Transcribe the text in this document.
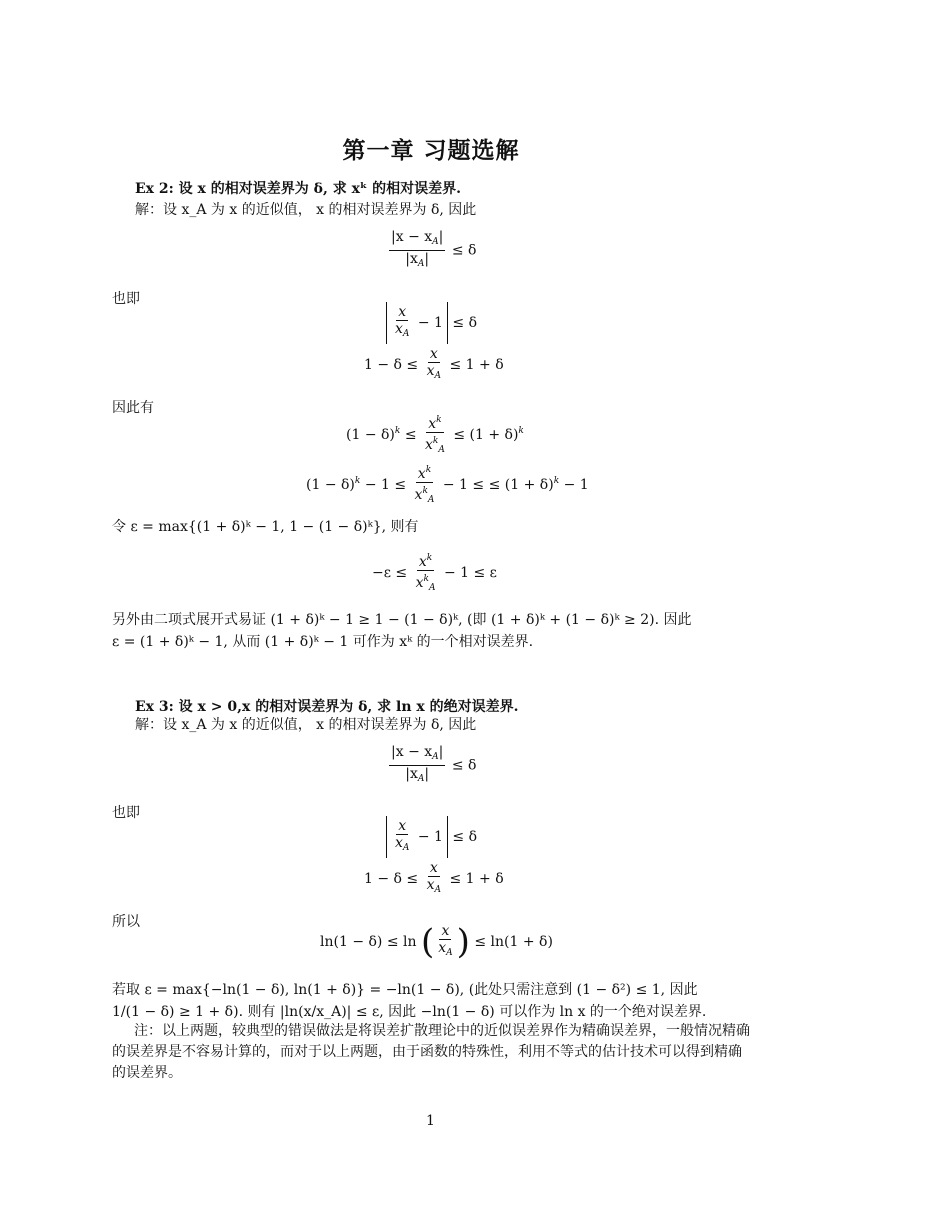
第一章 习题选解
Ex 2: 设 x 的相对误差界为 δ, 求 xᵏ 的相对误差界.
解：设 x_A 为 x 的近似值， x 的相对误差界为 δ, 因此
$\frac{|x - x_A|}{|x_A|} \le \delta$
也即
$\frac{x}{x_A} - 1 \le \delta$
$1 - \delta \le \frac{x}{x_A} \le 1 + \delta$
因此有
$(1 - \delta)^k \le \frac{x^k}{x^k_A} \le (1 + \delta)^k$
$(1 - \delta)^k - 1 \le \frac{x^k}{x^k_A} - 1$ ≤ ≤ $(1 + \delta)^k - 1$
令 ε = max{(1 + δ)ᵏ − 1, 1 − (1 − δ)ᵏ}, 则有
$-\varepsilon \le \frac{x^k}{x^k_A} - 1 \le \varepsilon$
另外由二项式展开式易证 (1 + δ)ᵏ − 1 ≥ 1 − (1 − δ)ᵏ, (即 (1 + δ)ᵏ + (1 − δ)ᵏ ≥ 2). 因此
ε = (1 + δ)ᵏ − 1, 从而 (1 + δ)ᵏ − 1 可作为 xᵏ 的一个相对误差界.
Ex 3: 设 x > 0,x 的相对误差界为 δ, 求 ln x 的绝对误差界.
解：设 x_A 为 x 的近似值， x 的相对误差界为 δ, 因此
$\frac{|x - x_A|}{|x_A|} \le \delta$
也即
$\frac{x}{x_A} - 1 \le \delta$
$1 - \delta \le \frac{x}{x_A} \le 1 + \delta$
所以
ln(1 − δ) ≤ ln ( $\frac{x}{x_A}$ ) ≤ ln(1 + δ)
若取 ε = max{−ln(1 − δ), ln(1 + δ)} = −ln(1 − δ), (此处只需注意到 (1 − δ²) ≤ 1, 因此
1/(1 − δ) ≥ 1 + δ). 则有 |ln(x/x_A)| ≤ ε, 因此 −ln(1 − δ) 可以作为 ln x 的一个绝对误差界.
注：以上两题，较典型的错误做法是将误差扩散理论中的近似误差界作为精确误差界，一般情况精确的误差界是不容易计算的，而对于以上两题，由于函数的特殊性，利用不等式的估计技术可以得到精确的误差界。
1
